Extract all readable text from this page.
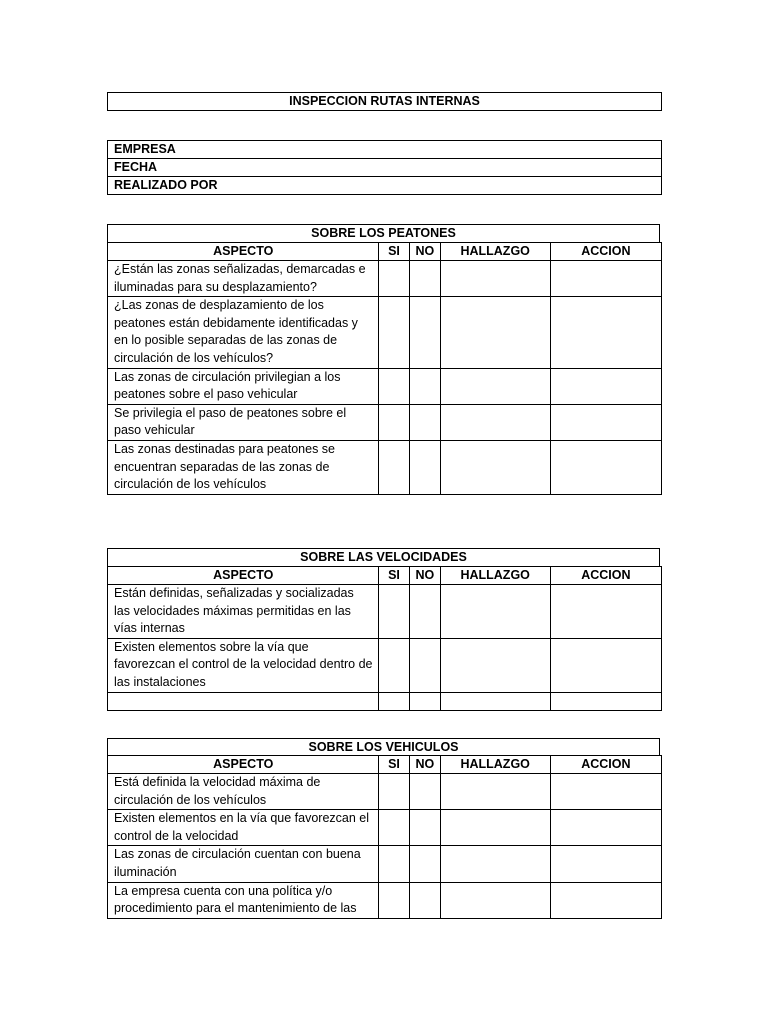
INSPECCION RUTAS INTERNAS
EMPRESA
FECHA
REALIZADO POR
SOBRE LOS PEATONES
ASPECTO	SI	NO	HALLAZGO	ACCION
¿Están las zonas señalizadas, demarcadas e iluminadas para su desplazamiento?				
¿Las zonas de desplazamiento de los peatones están debidamente identificadas y en lo posible separadas de las zonas de circulación de los vehículos?				
Las zonas de circulación privilegian a los peatones sobre el paso vehicular				
Se privilegia el paso de peatones sobre el paso vehicular				
Las zonas destinadas para peatones se encuentran separadas de las zonas de circulación de los vehículos				
SOBRE LAS VELOCIDADES
ASPECTO	SI	NO	HALLAZGO	ACCION
Están definidas, señalizadas y socializadas las velocidades máximas permitidas en las vías internas				
Existen elementos sobre la vía que favorezcan el control de la velocidad dentro de las instalaciones				

SOBRE LOS VEHICULOS
ASPECTO	SI	NO	HALLAZGO	ACCION
Está definida la velocidad máxima de circulación de los vehículos				
Existen elementos en la vía que favorezcan el control de la velocidad				
Las zonas de circulación cuentan con buena iluminación				
La empresa cuenta con una política y/o procedimiento para el mantenimiento de las				
